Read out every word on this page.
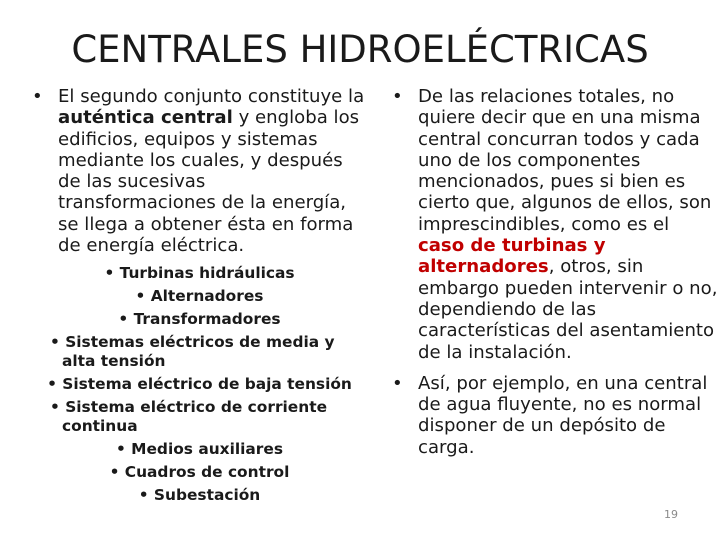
CENTRALES HIDROELÉCTRICAS
• El segundo conjunto constituye la auténtica central y engloba los edificios, equipos y sistemas mediante los cuales, y después de las sucesivas transformaciones de la energía, se llega a obtener ésta en forma de energía eléctrica.
• Turbinas hidráulicas
• Alternadores
• Transformadores
• Sistemas eléctricos de media y alta tensión
• Sistema eléctrico de baja tensión
• Sistema eléctrico de corriente continua
• Medios auxiliares
• Cuadros de control
• Subestación
• De las relaciones totales, no quiere decir que en una misma central concurran todos y cada uno de los componentes mencionados, pues si bien es cierto que, algunos de ellos, son imprescindibles, como es el caso de turbinas y alternadores, otros, sin embargo pueden intervenir o no, dependiendo de las características del asentamiento de la instalación.
• Así, por ejemplo, en una central de agua fluyente, no es normal disponer de un depósito de carga.
19
